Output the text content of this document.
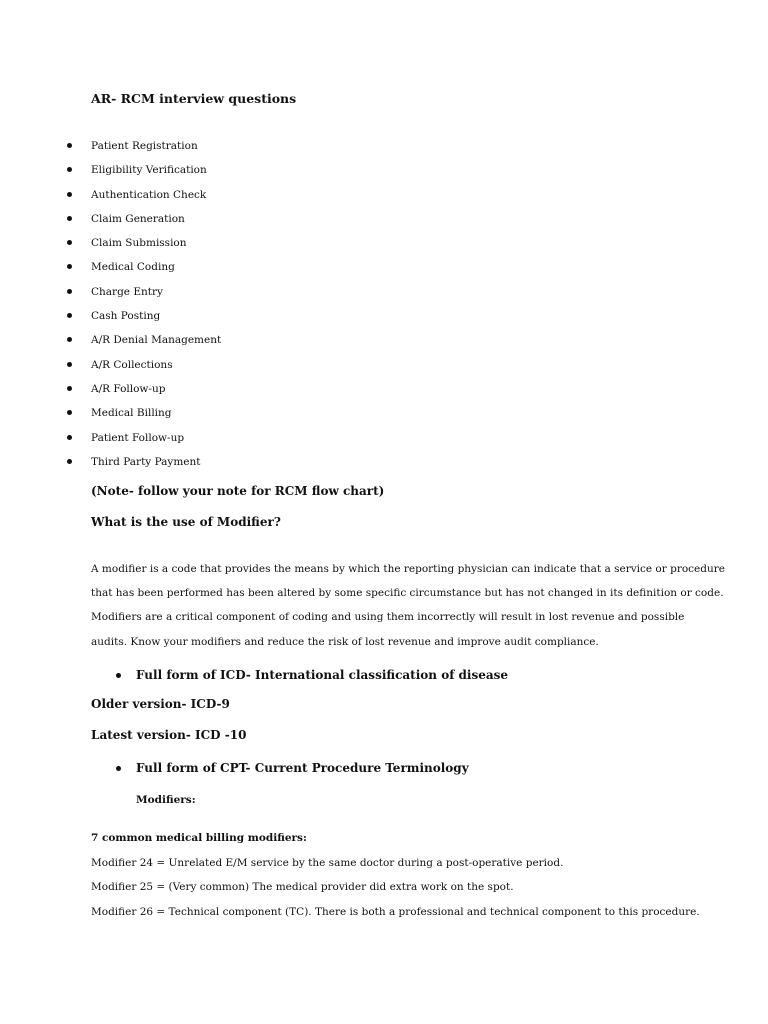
AR- RCM interview questions

Patient Registration
Eligibility Verification
Authentication Check
Claim Generation
Claim Submission
Medical Coding
Charge Entry
Cash Posting
A/R Denial Management
A/R Collections
A/R Follow-up
Medical Billing
Patient Follow-up
Third Party Payment

(Note- follow your note for RCM flow chart)

What is the use of Modifier?

A modifier is a code that provides the means by which the reporting physician can indicate that a service or procedure
that has been performed has been altered by some specific circumstance but has not changed in its definition or code.
Modifiers are a critical component of coding and using them incorrectly will result in lost revenue and possible
audits. Know your modifiers and reduce the risk of lost revenue and improve audit compliance.
Full form of ICD- International classification of disease

Older version- ICD-9

Latest version- ICD -10

Full form of CPT- Current Procedure Terminology

Modifiers:

7 common medical billing modifiers:

Modifier 24 = Unrelated E/M service by the same doctor during a post-operative period.

Modifier 25 = (Very common) The medical provider did extra work on the spot.

Modifier 26 = Technical component (TC). There is both a professional and technical component to this procedure.
